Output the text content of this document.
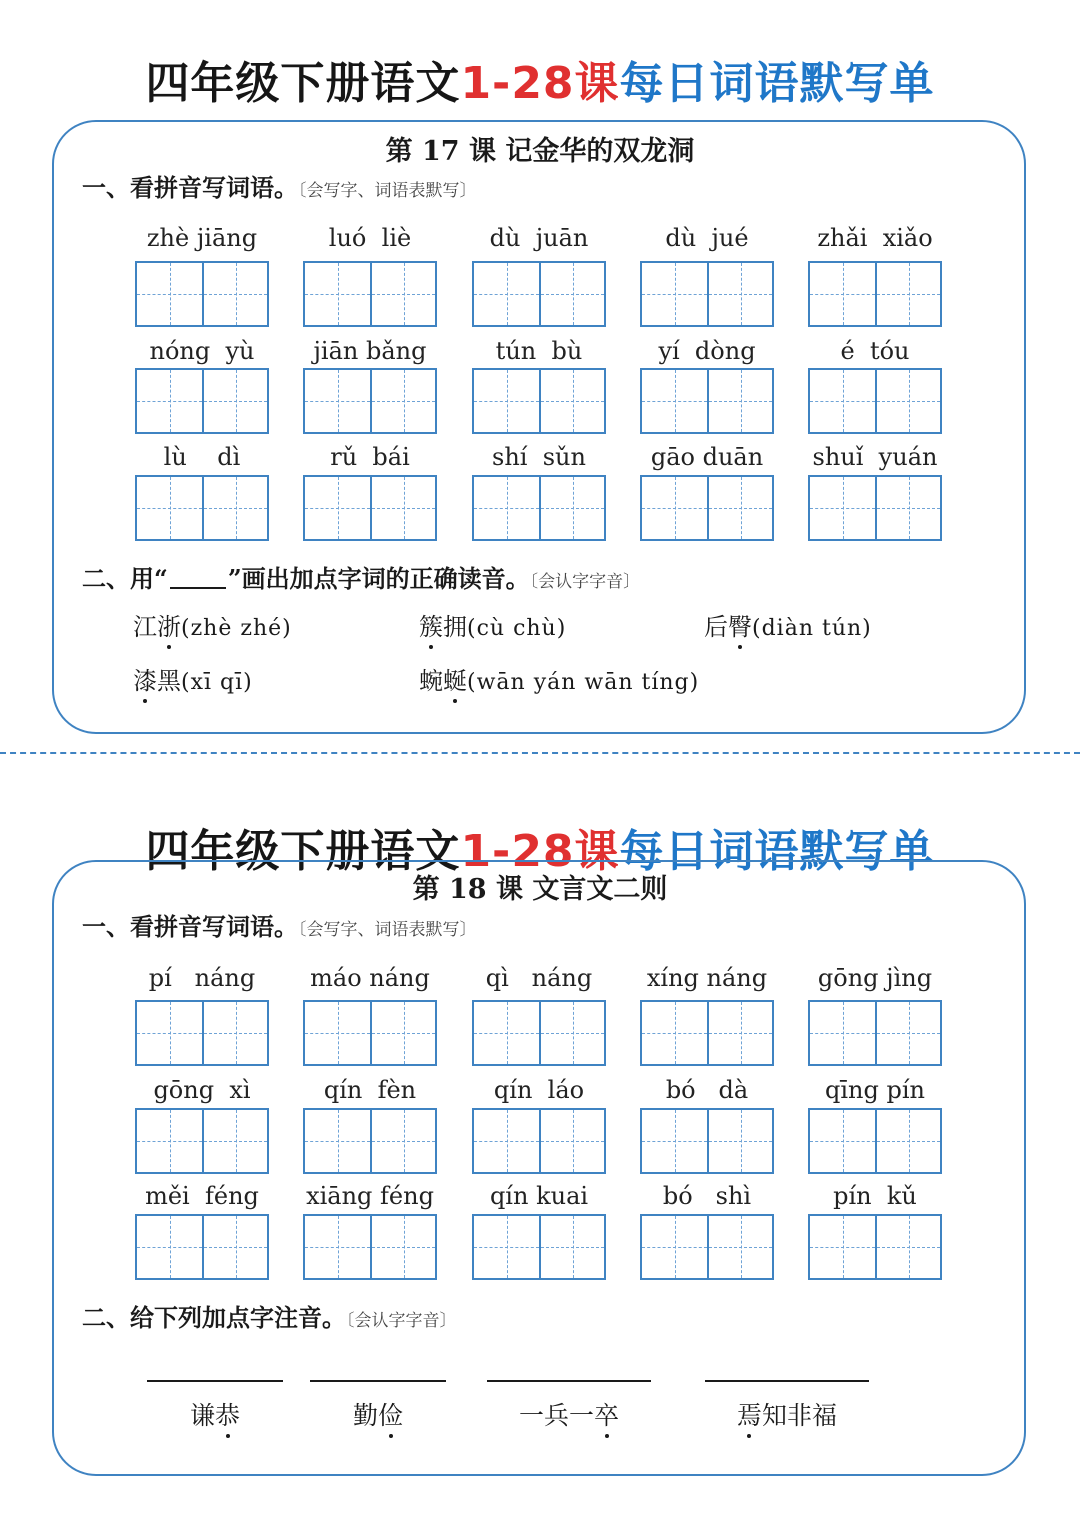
四年级下册语文1-28课每日词语默写单
第 17 课 记金华的双龙洞
一、看拼音写词语。〔会写字、词语表默写〕
zhè jiāng	luó  liè	dù  juān	dù  jué	zhǎi  xiǎo
nóng  yù	jiān bǎng	tún  bù	yí  dòng	é  tóu
lù    dì	rǔ  bái	shí  sǔn	gāo duān	shuǐ  yuán
二、用“	”画出加点字词的正确读音。〔会认字字音〕
江浙(zhè zhé)	簇拥(cù chù)	后臀(diàn tún)
漆黑(xī qī)	蜿蜒(wān yán wān tíng)
四年级下册语文1-28课每日词语默写单
第 18 课 文言文二则
一、看拼音写词语。〔会写字、词语表默写〕
pí   náng	máo náng	qì   náng	xíng náng	gōng jìng
gōng  xì	qín  fèn	qín  láo	bó   dà	qīng pín
měi  féng	xiāng féng	qín kuai	bó   shì	pín  kǔ
二、给下列加点字注音。〔会认字字音〕
谦恭	勤俭	一兵一卒	焉知非福
